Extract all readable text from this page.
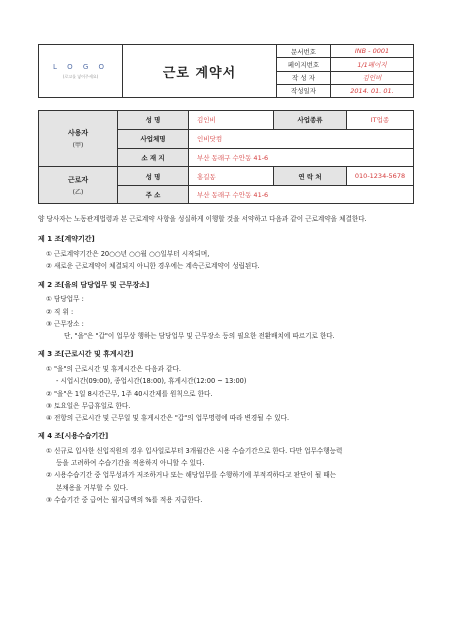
L O G O
(로고를 넣어주세요)	근로 계약서
문서번호	INB - 0001
페이지번호	1/1페이지
작 성 자	김인비
작성일자	2014. 01. 01.
사용자
(甲)
성 명	김인비	사업종류	IT업종
사업체명	인비닷컴
소 재 지	부산 동래구 수안동 41-6
근로자
(乙)
성 명	홍길동	연 락 처	010-1234-5678
주 소	부산 동래구 수안동 41-6

양 당사자는 노동관계법령과 본 근로계약 사항을 성실하게 이행할 것을 서약하고 다음과 같이 근로계약을 체결한다.

제 1 조[계약기간]

① 근로계약기간은 20○○년 ○○월 ○○일부터 시작되며,

② 새로운 근로계약이 체결되지 아니한 경우에는 계속근로계약이 성립된다.

제 2 조[을의 담당업무 및 근무장소]

① 담당업무 :

② 직 위 :

③ 근무장소 :

단, "을"은 "갑"이 업무상 행하는 담당업무 및 근무장소 등의 필요한 전환배치에 따르기로 한다.

제 3 조[근로시간 및 휴게시간]

① "을"의 근로시간 및 휴게시간은 다음과 같다.

- 시업시간(09:00), 종업시간(18:00), 휴게시간(12:00 ~ 13:00)

② "을"은 1일 8시간근무, 1주 40시간제를 원칙으로 한다.

③ 토요일은 무급휴일로 한다.

④ 전항의 근로시간 및 근무일 및 휴게시간은 "갑"의 업무명령에 따라 변경될 수 있다.

제 4 조[시용수습기간]

① 신규로 입사한 신입직원의 경우 입사일로부터 3개월간은 시용 수습기간으로 한다. 다만 업무수행능력

등을 고려하여 수습기간을 적용하지 아니할 수 있다.

② 시용수습기간 중 업무성과가 저조하거나 또는 해당업무를 수행하기에 부적격하다고 판단이 될 때는

본채용을 거부할 수 있다.

③ 수습기간 중 급여는 월지급액의 %를 적용 지급한다.
